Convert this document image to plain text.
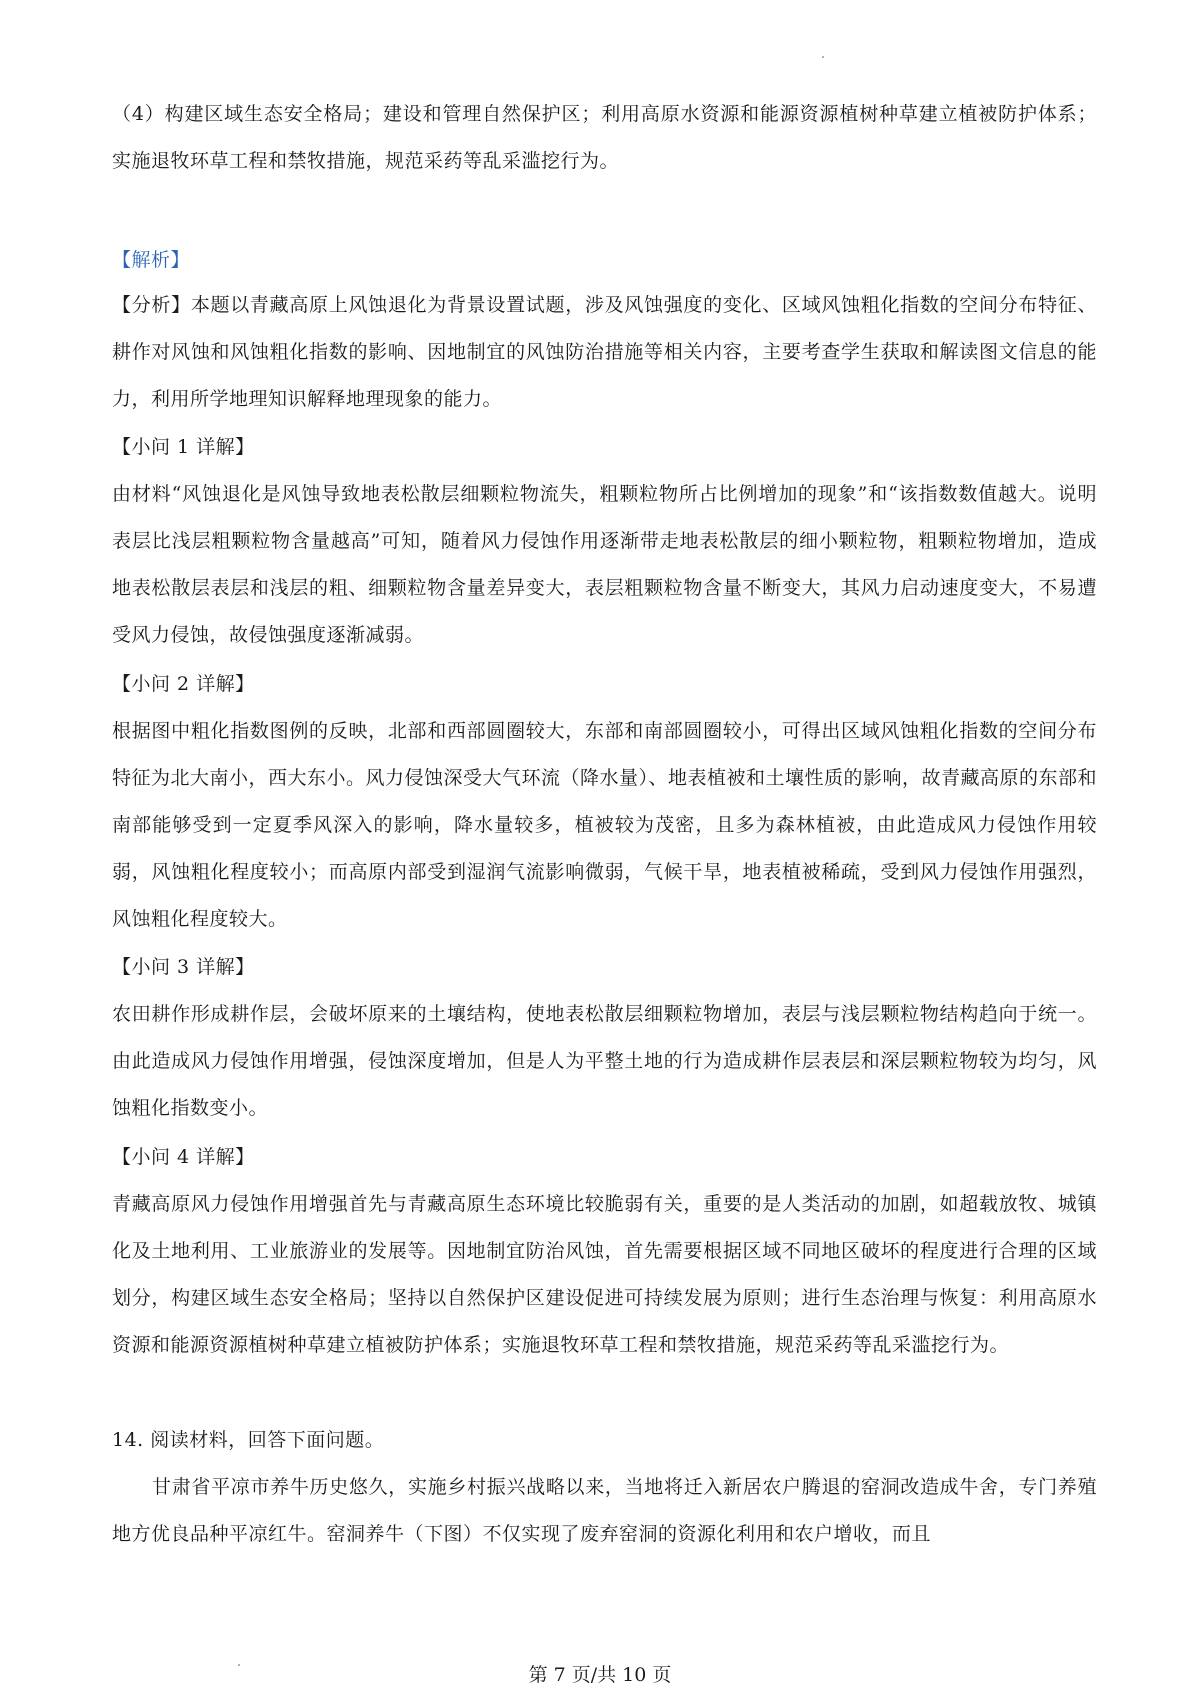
（4）构建区域生态安全格局；建设和管理自然保护区；利用高原水资源和能源资源植树种草建立植被防护体系；实施退牧环草工程和禁牧措施，规范采药等乱采滥挖行为。
【解析】
【分析】本题以青藏高原上风蚀退化为背景设置试题，涉及风蚀强度的变化、区域风蚀粗化指数的空间分布特征、耕作对风蚀和风蚀粗化指数的影响、因地制宜的风蚀防治措施等相关内容，主要考查学生获取和解读图文信息的能力，利用所学地理知识解释地理现象的能力。
【小问 1 详解】
由材料“风蚀退化是风蚀导致地表松散层细颗粒物流失，粗颗粒物所占比例增加的现象”和“该指数数值越大。说明表层比浅层粗颗粒物含量越高”可知，随着风力侵蚀作用逐渐带走地表松散层的细小颗粒物，粗颗粒物增加，造成地表松散层表层和浅层的粗、细颗粒物含量差异变大，表层粗颗粒物含量不断变大，其风力启动速度变大，不易遭受风力侵蚀，故侵蚀强度逐渐减弱。
【小问 2 详解】
根据图中粗化指数图例的反映，北部和西部圆圈较大，东部和南部圆圈较小，可得出区域风蚀粗化指数的空间分布特征为北大南小，西大东小。风力侵蚀深受大气环流（降水量）、地表植被和土壤性质的影响，故青藏高原的东部和南部能够受到一定夏季风深入的影响，降水量较多，植被较为茂密，且多为森林植被，由此造成风力侵蚀作用较弱，风蚀粗化程度较小；而高原内部受到湿润气流影响微弱，气候干旱，地表植被稀疏，受到风力侵蚀作用强烈，风蚀粗化程度较大。
【小问 3 详解】
农田耕作形成耕作层，会破坏原来的土壤结构，使地表松散层细颗粒物增加，表层与浅层颗粒物结构趋向于统一。由此造成风力侵蚀作用增强，侵蚀深度增加，但是人为平整土地的行为造成耕作层表层和深层颗粒物较为均匀，风蚀粗化指数变小。
【小问 4 详解】
青藏高原风力侵蚀作用增强首先与青藏高原生态环境比较脆弱有关，重要的是人类活动的加剧，如超载放牧、城镇化及土地利用、工业旅游业的发展等。因地制宜防治风蚀，首先需要根据区域不同地区破坏的程度进行合理的区域划分，构建区域生态安全格局；坚持以自然保护区建设促进可持续发展为原则；进行生态治理与恢复：利用高原水资源和能源资源植树种草建立植被防护体系；实施退牧环草工程和禁牧措施，规范采药等乱采滥挖行为。
14. 阅读材料，回答下面问题。
甘肃省平凉市养牛历史悠久，实施乡村振兴战略以来，当地将迁入新居农户腾退的窑洞改造成牛舍，专门养殖地方优良品种平凉红牛。窑洞养牛（下图）不仅实现了废弃窑洞的资源化利用和农户增收，而且
第 7 页/共 10 页
